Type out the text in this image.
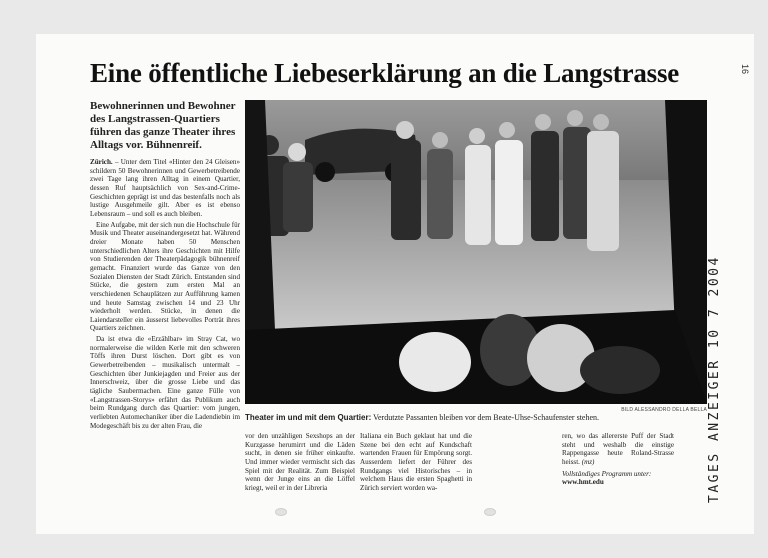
16
Eine öffentliche Liebeserklärung an die Langstrasse
Bewohnerinnen und Bewohner des Langstrassen-Quartiers führen das ganze Theater ihres Alltags vor. Bühnenreif.

Zürich. – Unter dem Titel «Hinter den 24 Gleisen» schildern 50 Bewohnerinnen und Gewerbetreibende zwei Tage lang ihren Alltag in einem Quartier, dessen Ruf hauptsächlich von Sex-and-Crime-Geschichten geprägt ist und das bestenfalls noch als lustige Ausgehmeile gilt. Aber es ist ebenso Lebensraum – und soll es auch bleiben.

Eine Aufgabe, mit der sich nun die Hochschule für Musik und Theater auseinandergesetzt hat. Während dreier Monate haben 50 Menschen unterschiedlichen Alters ihre Geschichten mit Hilfe von Studierenden der Theaterpädagogik bühnenreif gemacht. Finanziert wurde das Ganze von den Sozialen Diensten der Stadt Zürich. Entstanden sind Stücke, die gestern zum ersten Mal an verschiedenen Schauplätzen zur Aufführung kamen und heute Samstag zwischen 14 und 23 Uhr wiederholt werden. Stücke, in denen die Laiendarsteller ein äusserst liebevolles Porträt ihres Quartiers zeichnen.

Da ist etwa die «Erzählbar» im Stray Cat, wo normalerweise die wilden Kerle mit den schweren Töffs ihren Durst löschen. Dort gibt es von Gewerbetreibenden – musikalisch untermalt – Geschichten über Junkiejagden und Freier aus der Innerschweiz, über die grosse Liebe und das tägliche Saubermachen. Eine ganze Fülle von «Langstrassen-Storys» erfährt das Publikum auch beim Rundgang durch das Quartier: vom jungen, verliebten Automechaniker über die Ladendiebin im Modegeschäft bis zu der alten Frau, die

BILD ALESSANDRO DELLA BELLA
Theater im und mit dem Quartier: Verdutzte Passanten bleiben vor dem Beate-Uhse-Schaufenster stehen.
vor den unzähligen Sexshops an der Kurzgasse herumirrt und die Läden sucht, in denen sie früher einkaufte. Und immer wieder vermischt sich das Spiel mit der Realität. Zum Beispiel wenn der Junge eins an die Löffel kriegt, weil er in der Libreria
Italiana ein Buch geklaut hat und die Szene bei den echt auf Kundschaft wartenden Frauen für Empörung sorgt. Ausserdem liefert der Führer des Rundgangs viel Historisches – in welchem Haus die ersten Spaghetti in Zürich serviert worden wa-
ren, wo das allererste Puff der Stadt steht und weshalb die einstige Rappengasse heute Roland-Strasse heisst. (mz)
Vollständiges Programm unter:
www.hmt.edu	TAGES ANZEIGER 10 7 2004
